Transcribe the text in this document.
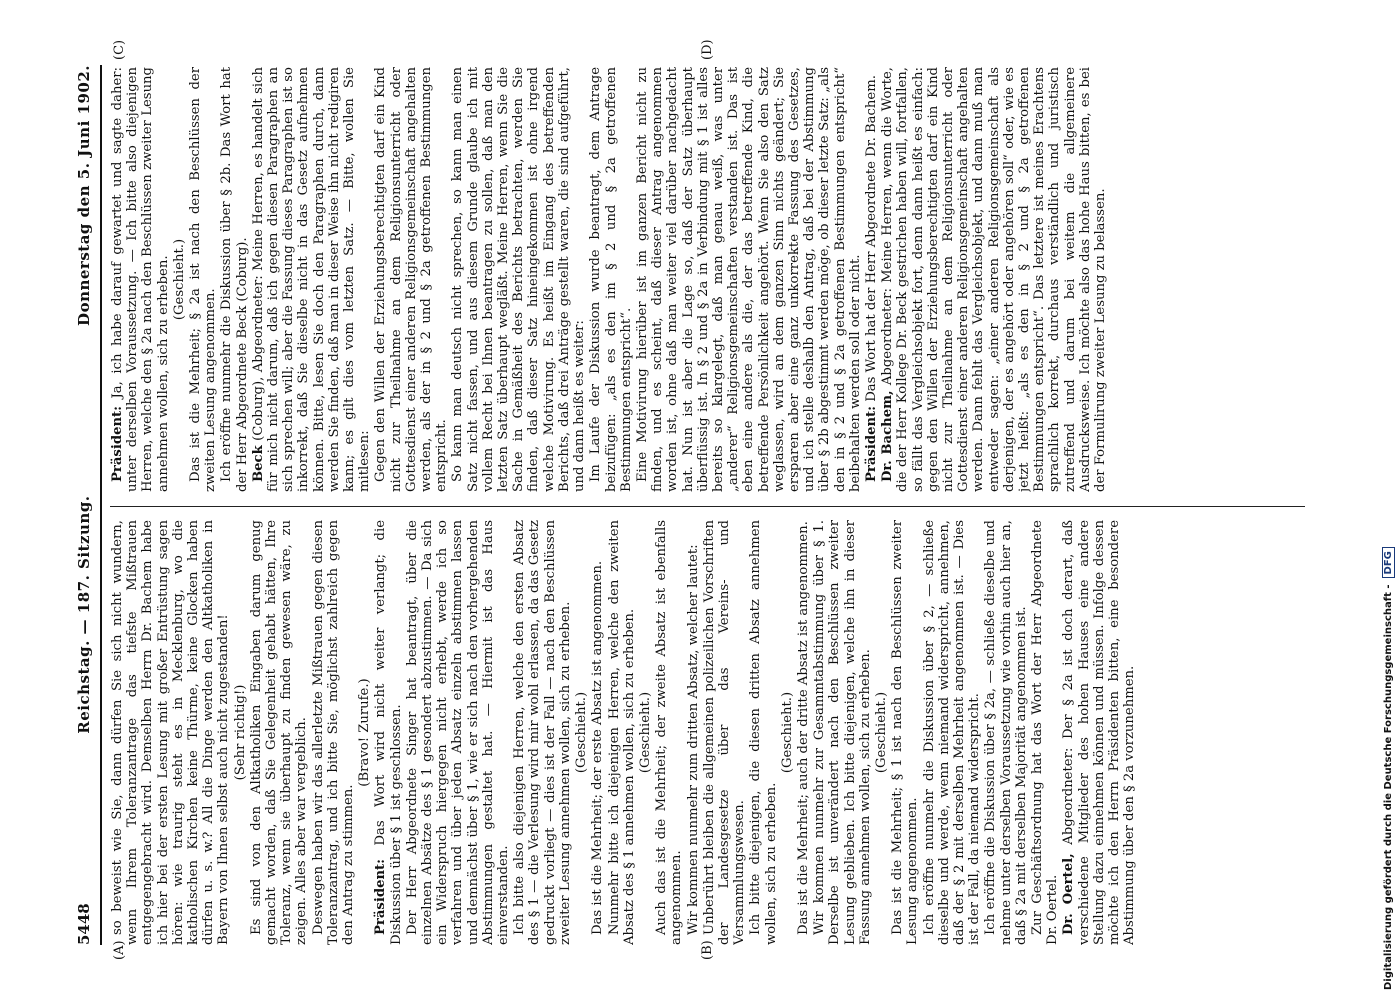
5448
Reichstag. — 187. Sitzung.
Donnerstag den 5. Juni 1902.
(A)	(B)
(C)	(D)

so beweist wie Sie, dann dürfen Sie sich nicht wundern, wenn Ihrem Toleranzantrage das tiefste Mißtrauen entgegengebracht wird. Demselben Herrn Dr. Bachem habe ich hier bei der ersten Lesung mit großer Entrüstung sagen hören: wie traurig steht es in Mecklenburg, wo die katholischen Kirchen keine Thürme, keine Glocken haben dürfen u. s. w.? All die Dinge werden den Altkatholiken in Bayern von Ihnen selbst auch nicht zugestanden! (Sehr richtig!) Es sind von den Altkatholiken Eingaben darum genug gemacht worden, daß Sie Gelegenheit gehabt hätten, Ihre Toleranz, wenn sie überhaupt zu finden gewesen wäre, zu zeigen. Alles aber war vergeblich. Deswegen haben wir das allerletzte Mißtrauen gegen diesen Toleranzantrag, und ich bitte Sie, möglichst zahlreich gegen den Antrag zu stimmen.

(Bravo! Zurufe.)

Präsident: Das Wort wird nicht weiter verlangt; die Diskussion über § 1 ist geschlossen. Der Herr Abgeordnete Singer hat beantragt, über die einzelnen Absätze des § 1 gesondert abzustimmen. — Da sich ein Widerspruch hiergegen nicht erhebt, werde ich so verfahren und über jeden Absatz einzeln abstimmen lassen und demnächst über § 1, wie er sich nach den vorhergehenden Abstimmungen gestaltet hat. — Hiermit ist das Haus einverstanden. Ich bitte also diejenigen Herren, welche den ersten Absatz des § 1 — die Verlesung wird mir wohl erlassen, da das Gesetz gedruckt vorliegt — dies ist der Fall — nach den Beschlüssen zweiter Lesung annehmen wollen, sich zu erheben. (Geschieht.) Das ist die Mehrheit; der erste Absatz ist angenommen. Nunmehr bitte ich diejenigen Herren, welche den zweiten Absatz des § 1 annehmen wollen, sich zu erheben. (Geschieht.) Auch das ist die Mehrheit; der zweite Absatz ist ebenfalls angenommen. Wir kommen nunmehr zum dritten Absatz, welcher lautet: Unberührt bleiben die allgemeinen polizeilichen Vorschriften der Landesgesetze über das Vereins- und Versammlungswesen. Ich bitte diejenigen, die diesen dritten Absatz annehmen wollen, sich zu erheben.

(Geschieht.) Das ist die Mehrheit; auch der dritte Absatz ist angenommen. Wir kommen nunmehr zur Gesammtabstimmung über § 1. Derselbe ist unverändert nach den Beschlüssen zweiter Lesung geblieben. Ich bitte diejenigen, welche ihn in dieser Fassung annehmen wollen, sich zu erheben. (Geschieht.) Das ist die Mehrheit; § 1 ist nach den Beschlüssen zweiter Lesung angenommen. Ich eröffne nunmehr die Diskussion über § 2, — schließe dieselbe und werde, wenn niemand widerspricht, annehmen, daß der § 2 mit derselben Mehrheit angenommen ist. — Dies ist der Fall, da niemand widerspricht. Ich eröffne die Diskussion über § 2a, — schließe dieselbe und nehme unter derselben Voraussetzung wie vorhin auch hier an, daß § 2a mit derselben Majorität angenommen ist. Zur Geschäftsordnung hat das Wort der Herr Abgeordnete Dr. Oertel. Dr. Oertel, Abgeordneter: Der § 2a ist doch derart, daß verschiedene Mitglieder des hohen Hauses eine andere Stellung dazu einnehmen können und müssen. Infolge dessen möchte ich den Herrn Präsidenten bitten, eine besondere Abstimmung über den § 2a vorzunehmen.

Präsident: Ja, ich habe darauf gewartet und sagte daher: unter derselben Voraussetzung. — Ich bitte also diejenigen Herren, welche den § 2a nach den Beschlüssen zweiter Lesung annehmen wollen, sich zu erheben. (Geschieht.) Das ist die Mehrheit; § 2a ist nach den Beschlüssen der zweiten Lesung angenommen. Ich eröffne nunmehr die Diskussion über § 2b. Das Wort hat der Herr Abgeordnete Beck (Coburg). Beck (Coburg), Abgeordneter: Meine Herren, es handelt sich für mich nicht darum, daß ich gegen diesen Paragraphen an sich sprechen will; aber die Fassung dieses Paragraphen ist so inkorrekt, daß Sie dieselbe nicht in das Gesetz aufnehmen können. Bitte, lesen Sie doch den Paragraphen durch, dann werden Sie finden, daß man in dieser Weise ihn nicht redigiren kann; es gilt dies vom letzten Satz. — Bitte, wollen Sie mitlesen: Gegen den Willen der Erziehungsberechtigten darf ein Kind nicht zur Theilnahme an dem Religionsunterricht oder Gottesdienst einer anderen Religionsgemeinschaft angehalten werden, als der in § 2 und § 2a getroffenen Bestimmungen entspricht. So kann man deutsch nicht sprechen, so kann man einen Satz nicht fassen, und aus diesem Grunde glaube ich mit vollem Recht bei Ihnen beantragen zu sollen, daß man den letzten Satz überhaupt wegläßt. Meine Herren, wenn Sie die Sache in Gemäßheit des Berichts betrachten, werden Sie finden, daß dieser Satz hineingekommen ist ohne irgend welche Motivirung. Es heißt im Eingang des betreffenden Berichts, daß drei Anträge gestellt waren, die sind aufgeführt, und dann heißt es weiter: Im Laufe der Diskussion wurde beantragt, dem Antrage beizufügen: „als es den im § 2 und § 2a getroffenen Bestimmungen entspricht“. Eine Motivirung hierüber ist im ganzen Bericht nicht zu finden, und es scheint, daß dieser Antrag angenommen worden ist, ohne daß man weiter viel darüber nachgedacht hat. Nun ist aber die Lage so, daß der Satz überhaupt überflüssig ist. In § 2 und § 2a in Verbindung mit § 1 ist alles bereits so klargelegt, daß man genau weiß, was unter „anderer“ Religionsgemeinschaften verstanden ist. Das ist eben eine andere als die, der das betreffende Kind, die betreffende Persönlichkeit angehört. Wenn Sie also den Satz weglassen, wird an dem ganzen Sinn nichts geändert; Sie ersparen aber eine ganz unkorrekte Fassung des Gesetzes, und ich stelle deshalb den Antrag, daß bei der Abstimmung über § 2b abgestimmt werden möge, ob dieser letzte Satz: „als den in § 2 und § 2a getroffenen Bestimmungen entspricht“ beibehalten werden soll oder nicht. Präsident: Das Wort hat der Herr Abgeordnete Dr. Bachem.

Dr. Bachem, Abgeordneter: Meine Herren, wenn die Worte, die der Herr Kollege Dr. Beck gestrichen haben will, fortfallen, so fällt das Vergleichsobjekt fort, denn dann heißt es einfach: gegen den Willen der Erziehungsberechtigten darf ein Kind nicht zur Theilnahme an dem Religionsunterricht oder Gottesdienst einer anderen Religionsgemeinschaft angehalten werden. Dann fehlt das Vergleichsobjekt, und dann muß man entweder sagen: „einer anderen Religionsgemeinschaft als derjenigen, der es angehört oder angehören soll“ oder, wie es jetzt heißt: „als es den in § 2 und § 2a getroffenen Bestimmungen entspricht“. Das letztere ist meines Erachtens sprachlich korrekt, durchaus verständlich und juristisch zutreffend und darum bei weitem die allgemeinere Ausdrucksweise. Ich möchte also das hohe Haus bitten, es bei der Formulirung zweiter Lesung zu belassen.

Digitalisierung gefördert durch die Deutsche Forschungsgemeinschaft -
DFG
